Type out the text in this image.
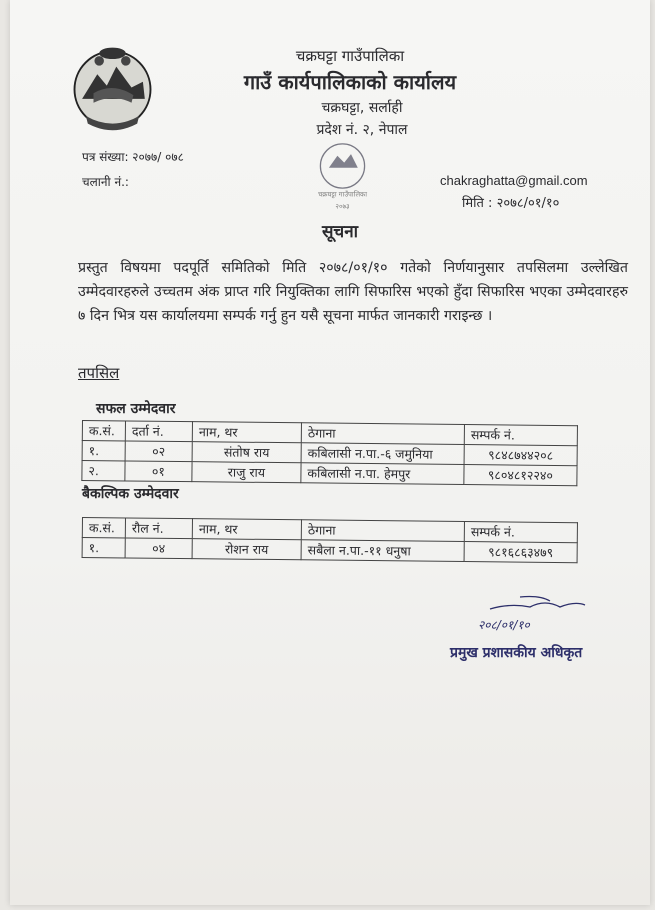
चक्रघट्टा गाउँपालिका
गाउँ कार्यपालिकाको कार्यालय
चक्रघट्टा, सर्लाही
प्रदेश नं. २, नेपाल
पत्र संख्या: २०७७/ ०७८
चलानी नं.:
चक्रघट्टा गाउँपालिका
२०७३
chakraghatta@gmail.com
मिति : २०७८/०१/१०
सूचना
प्रस्तुत विषयमा पदपूर्ति समितिको मिति २०७८/०१/१० गतेको निर्णयानुसार तपसिलमा उल्लेखित उम्मेदवारहरुले उच्चतम अंक प्राप्त गरि नियुक्तिका लागि सिफारिस भएको हुँदा सिफारिस भएका उम्मेदवारहरु ७ दिन भित्र यस कार्यालयमा सम्पर्क गर्नु हुन यसै सूचना मार्फत जानकारी गराइन्छ ।
तपसिल
सफल उम्मेदवार
क.सं.	दर्ता नं.	नाम, थर	ठेगाना	सम्पर्क नं.
१.	०२	संतोष राय	कबिलासी न.पा.-६ जमुनिया	९८४८७४४२०८
२.	०१	राजु राय	कबिलासी न.पा. हेमपुर	९८०४८१२२४०
बैकल्पिक उम्मेदवार
क.सं.	रौल नं.	नाम, थर	ठेगाना	सम्पर्क नं.
१.	०४	रोशन राय	सबैला न.पा.-११ धनुषा	९८१६८६३४७९
२०८/०१/१०
प्रमुख प्रशासकीय अधिकृत
